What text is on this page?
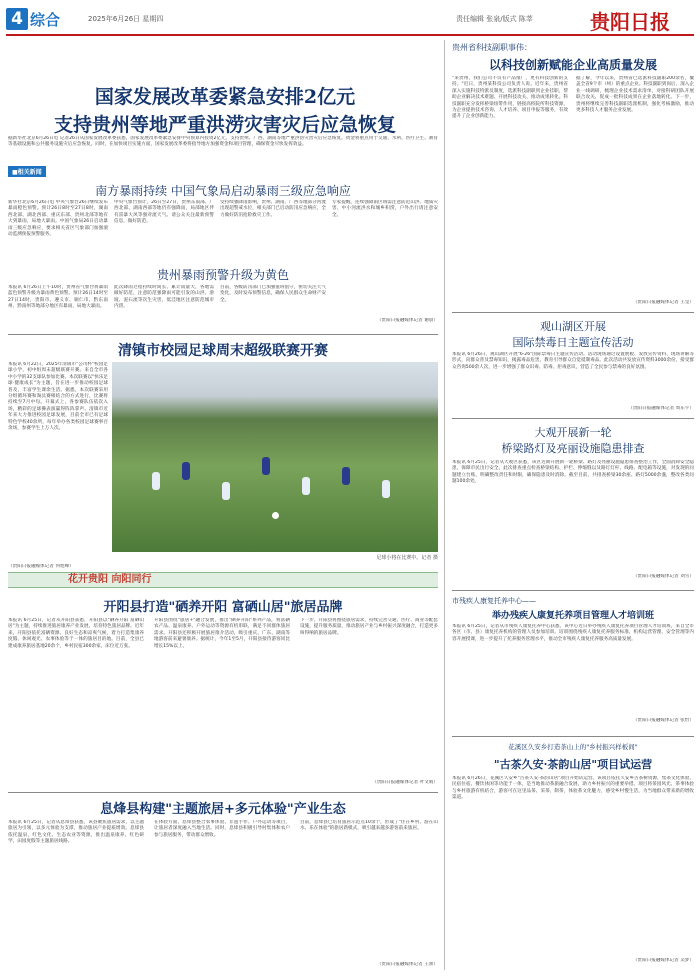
4 综合	2025年6月26日 星期四	责任编辑 张泉/版式 陈莘	贵阳日报
国家发展改革委紧急安排2亿元
支持贵州等地严重洪涝灾害灾后应急恢复
据新华社北京6月26日电 记者26日从国家发展改革委获悉，国家发展改革委紧急安排中央预算内投资2亿元，支持贵州、广西、湖南等地严重洪涝灾害灾后应急恢复。资金将重点用于交通、水利、医疗卫生、教育等基础设施和公共服务设施灾后应急恢复。同时，在加快项目实施方面，国家发展改革委将指导地方加强资金和项目管理，确保资金尽快发挥效益。
■相关新闻
南方暴雨持续 中国气象局启动暴雨三级应急响应
新华社北京6月26日电 中央气象台26日继续发布暴雨橙色预警。预计26日8时至27日8时，湖南西北部、湖北西部、重庆东部、贵州北部等地有大到暴雨，局地大暴雨。中国气象局26日启动暴雨三级应急响应，要求相关省区气象部门加强滚动监测预报预警服务。
中央气象台预计，26日至27日，贵州东南部、广西北部、湖南西部等地仍有强降雨，局部地区伴有雷暴大风等强对流天气。请公众关注最新预警信息，做好防范。
受持续强降雨影响，贵州、湖南、广西等地部分河流出现超警戒水位，相关部门已启动防汛应急响应，全力做好防汛抢险救灾工作。
专家提醒，连续强降雨区域需注意防范山洪、地质灾害、中小河流洪水和城乡积涝，户外出行请注意安全。
贵州暴雨预警升级为黄色
本报讯 6月26日上午10时，贵州省气象台将暴雨蓝色预警升级为暴雨黄色预警。预计26日14时至27日14时，贵阳市、遵义市、铜仁市、黔东南州、黔南州等地部分地区有暴雨，局地大暴雨。
此次降雨过程持续时间长、累计雨量大，各地需做好防范，注意防范强降雨可能引发的山洪、滑坡、泥石流等次生灾害，低洼地区注意防范城市内涝。
目前，各级防汛部门已加强值班值守，密切关注天气变化，及时发布预警信息，确保人民群众生命财产安全。
（贵阳日报融媒体记者 谢晨）
清镇市校园足球周末超级联赛开赛
本报讯 6月22日，2025年清镇市"公司杯"校园足球小学、初中组周末超级联赛开赛。来自全市各中小学的32支球队参加比赛。本次联赛以"快乐足球·健康成长"为主题，旨在进一步推动校园足球普及，丰富学生课余生活。据悉，本次联赛采用分组循环赛和淘汰赛相结合的方式进行，比赛将持续至7月中旬。开幕式上，各参赛队伍依次入场，精彩的足球操表演赢得阵阵掌声。清镇市近年来大力推进校园足球发展，目前全市已有足球特色学校40余所，每年举办各类校园足球赛事百余场，参赛学生上万人次。
（贵阳日报融媒体记者 何旭峰）
足球小将在比赛中。记者 摄
花开贵阳 向阳同行
开阳县打造"硒养开阳 富硒山居"旅居品牌
本报讯 6月25日，记者从开阳县获悉，开阳县以"硒养开阳 富硒山居"为主题，持续推进旅居康养产业发展，培育特色旅居品牌。近年来，开阳县依托富硒资源、良好生态和凉爽气候，着力打造集康养度假、休闲观光、农事体验等于一体的旅居目的地。目前，全县已建成康养旅居基地20余个，乡村民宿300余家，床位近万张。
开阳县围绕"旅居+"融合发展，推出"硒养开阳"系列产品，将富硒农产品、温泉康养、户外运动等资源有机串联，满足不同群体旅居需求。开阳县还积极开展旅居推介活动，吸引重庆、广东、湖南等地游客前来避暑康养。据统计，今年1至5月，开阳县接待游客同比增长15%以上。
下一步，开阳县将围绕旅居需求，持续完善交通、医疗、商业等配套设施，提升服务质量，推动旅居产业与乡村振兴深度融合，打造更多叫得响的旅居品牌。
（贵阳日报融媒体记者 叶文娟）
息烽县构建"主题旅居+多元体验"产业生态
本报讯 6月25日，记者从息烽县获悉，该县聚焦旅居需求，以主题旅居为引领，以多元体验为支撑，推动旅居产业提质增效。息烽县依托温泉、红色文化、生态农业等资源，推出温泉康养、红色研学、田园度假等主题旅居线路。
在体验方面，息烽县整合农事体验、非遗手作、户外运动等项目，让旅居者深度融入当地生活。同时，息烽县积极引导村集体和农户参与旅居服务，带动群众增收。
目前，息烽县已培育旅居示范点10余个，形成了"住在乡村、游在山水、乐在体验"的旅居新模式，吸引越来越多游客前来旅居。
（贵阳日报融媒体记者 王蕾）
贵州省科技副职事伟：
以科技创新赋能企业高质量发展
"来贵州，我们公司不仅有产品推广，更有科技创新的支持。"近日，贵州某科技公司负责人说。近年来，贵州省深入实施科技特派员制度，选派科技副职到企业挂职，帮助企业解决技术难题、开展科技攻关、推动成果转化。科技副职充分发挥桥梁纽带作用，链接高校院所科技资源，为企业提供技术咨询、人才培养、项目申报等服务，有效提升了企业创新能力。
据了解，今年以来，贵州省已选派科技副职200余名，覆盖全省9个市（州）的重点企业。科技副职到岗后，深入企业一线调研，梳理企业技术需求清单，对接科研团队开展联合攻关，促成一批科技成果在企业落地转化。下一步，贵州将继续完善科技副职选派机制，强化考核激励，推动更多科技人才服务企业发展。
（贵阳日报融媒体记者 王莹）
观山湖区开展
国际禁毒日主题宣传活动
本报讯 6月26日，观山湖区开展"6·26"国际禁毒日主题宣传活动。活动现场通过设置展板、发放宣传资料、现场讲解等形式，向群众普及禁毒知识，揭露毒品危害，教育引导群众自觉抵制毒品。此次活动共发放宣传资料3000余份，接受群众咨询500余人次，进一步增强了群众识毒、防毒、拒毒意识，营造了全民参与禁毒的良好氛围。
（贵阳日报融媒体记者 周东宇）
大观开展新一轮
桥梁路灯及亮丽设施隐患排查
本报讯 6月25日，记者从大观区获悉，该区近期开展新一轮桥梁、路灯及亮丽设施隐患排查整治工作，全面消除安全隐患，保障市民出行安全。此次排查重点检查桥梁结构、护栏、伸缩缝以及路灯灯杆、线路、配电箱等设施，对发现的问题建立台账，明确整改责任和时限，确保隐患及时消除。截至目前，共排查桥梁30余座、路灯5000余盏，整改各类问题100余处。
（贵阳日报融媒体记者 刘雪）
市残疾人康复托养中心——
举办残疾人康复托养项目管理人才培训班
本报讯 6月25日，记者从市残疾人康复托养中心获悉，该中心近日举办残疾人康复托养项目管理人才培训班，来自全市各区（市、县）康复托养机构的管理人员参加培训。培训围绕残疾人康复托养服务标准、机构运营管理、安全管理等内容开展授课，进一步提升了托养服务管理水平，推动全市残疾人康复托养服务高质量发展。
（贵阳日报融媒体记者 张怡）
花溪区久安乡打造茶山上的"乡村振兴样板间"
"古茶久安·茶韵山居"项目试运营
本报讯 6月26日，花溪区久安乡"古茶久安·茶韵山居"项目开始试运营。该项目依托久安乡古茶树资源，集茶文化体验、民宿住宿、餐饮休闲等功能于一体，是当地推动茶旅融合发展、助力乡村振兴的重要举措。项目将茶园风光、茶事体验与乡村旅游有机结合，游客可在这里品茶、采茶、制茶，体验茶文化魅力，感受乡村慢生活，为当地群众带来新的增收渠道。
（贵阳日报融媒体记者 吴梦）
